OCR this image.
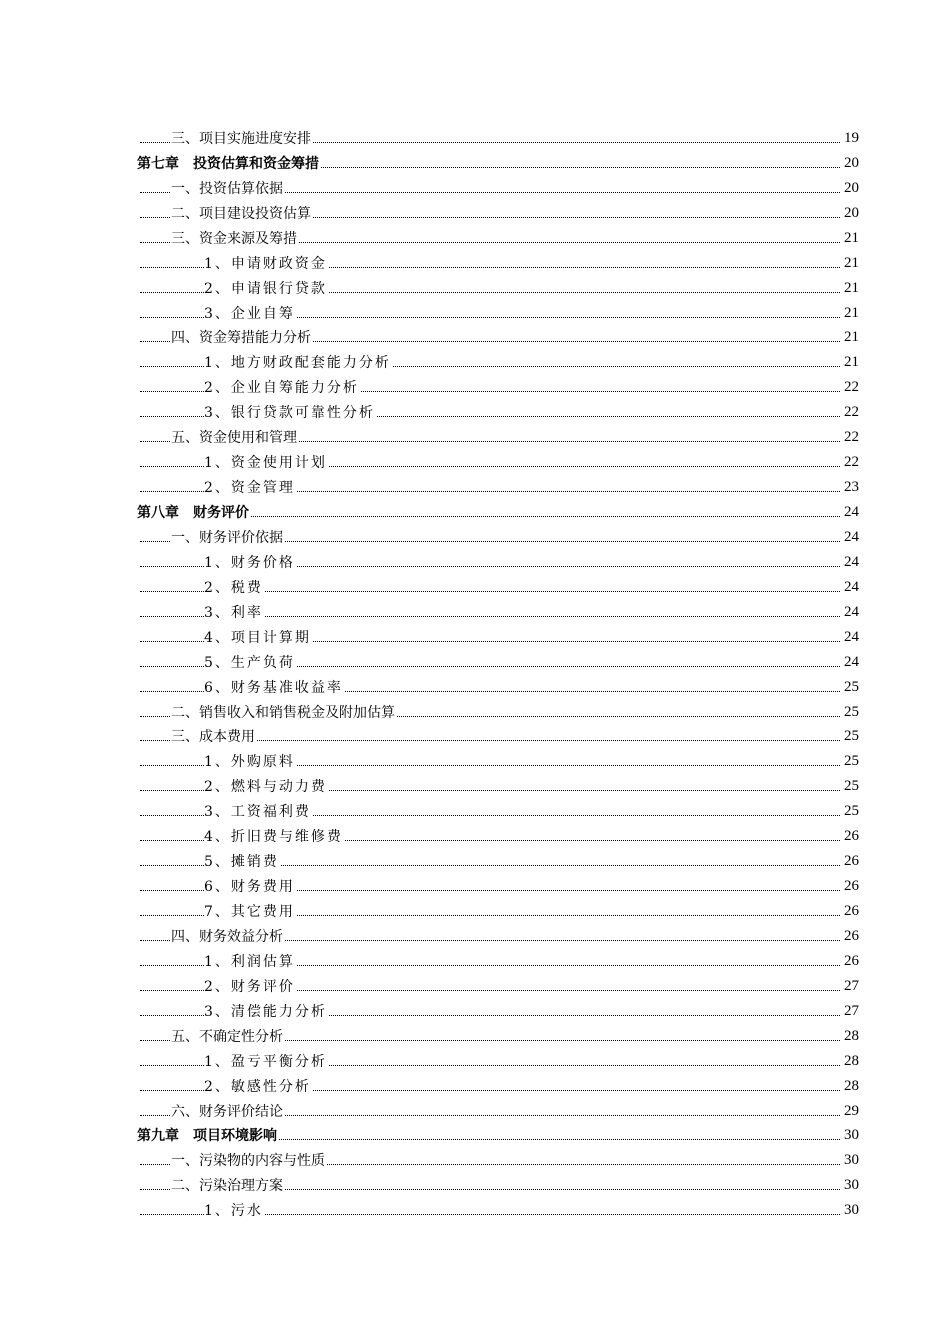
三、项目实施进度安排	19
第七章　投资估算和资金筹措	20
一、投资估算依据	20
二、项目建设投资估算	20
三、资金来源及筹措	21
1、申请财政资金	21
2、申请银行贷款	21
3、企业自筹	21
四、资金筹措能力分析	21
1、地方财政配套能力分析	21
2、企业自筹能力分析	22
3、银行贷款可靠性分析	22
五、资金使用和管理	22
1、资金使用计划	22
2、资金管理	23
第八章　财务评价	24
一、财务评价依据	24
1、财务价格	24
2、税费	24
3、利率	24
4、项目计算期	24
5、生产负荷	24
6、财务基准收益率	25
二、销售收入和销售税金及附加估算	25
三、成本费用	25
1、外购原料	25
2、燃料与动力费	25
3、工资福利费	25
4、折旧费与维修费	26
5、摊销费	26
6、财务费用	26
7、其它费用	26
四、财务效益分析	26
1、利润估算	26
2、财务评价	27
3、清偿能力分析	27
五、不确定性分析	28
1、盈亏平衡分析	28
2、敏感性分析	28
六、财务评价结论	29
第九章　项目环境影响	30
一、污染物的内容与性质	30
二、污染治理方案	30
1、污水	30
